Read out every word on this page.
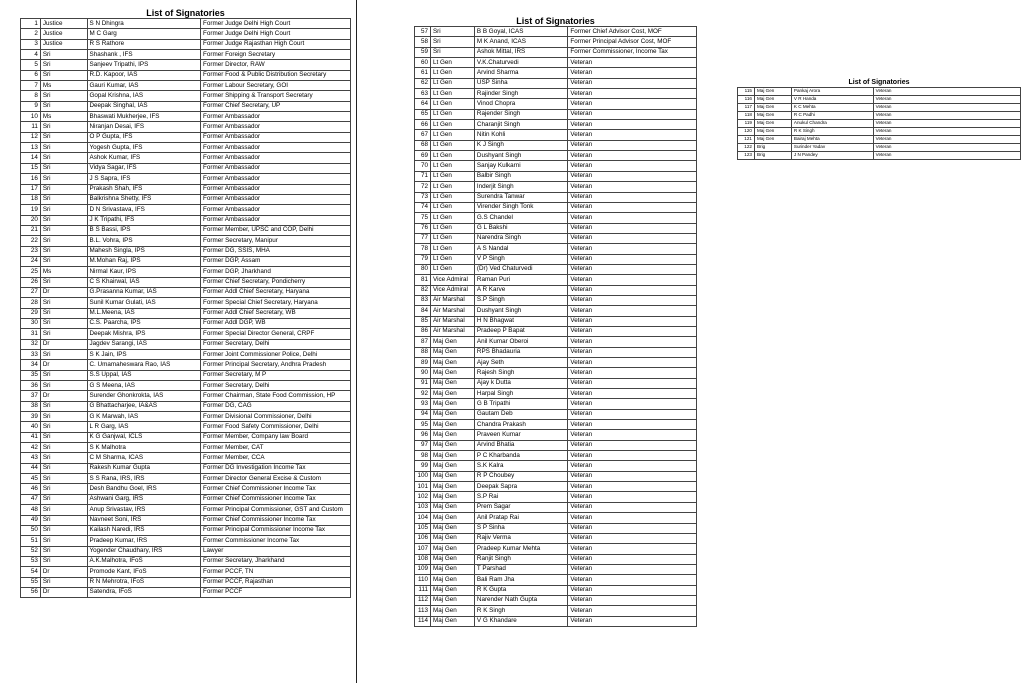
List of Signatories
1	Justice	S N Dhingra	Former Judge Delhi High Court
2	Justice	M C Garg	Former Judge Delhi High Court
3	Justice	R S Rathore	Former Judge Rajasthan High Court
4	Sri	Shashank , IFS	Former Foreign Secretary
5	Sri	Sanjeev Tripathi, IPS	Former Director, RAW
6	Sri	R.D. Kapoor, IAS	Former Food & Public Distribution Secretary
7	Ms	Gauri Kumar, IAS	Former Labour Secretary, GOI
8	Sri	Gopal Krishna, IAS	Former Shipping & Transport Secretary
9	Sri	Deepak Singhal, IAS	Former Chief Secretary, UP
10	Ms	Bhaswati Mukherjee, IFS	Former Ambassador
11	Sri	Niranjan Desai, IFS	Former Ambassador
12	Sri	O P Gupta, IFS	Former Ambassador
13	Sri	Yogesh Gupta, IFS	Former Ambassador
14	Sri	Ashok Kumar, IFS	Former Ambassador
15	Sri	Vidya Sagar, IFS	Former Ambassador
16	Sri	J S Sapra, IFS	Former Ambassador
17	Sri	Prakash Shah, IFS	Former Ambassador
18	Sri	Balkrishna Shetty, IFS	Former Ambassador
19	Sri	D N Srivastava, IFS	Former Ambassador
20	Sri	J K Tripathi, IFS	Former Ambassador
21	Sri	B S Bassi, IPS	Former Member, UPSC and COP, Delhi
22	Sri	B.L. Vohra, IPS	Former Secretary, Manipur
23	Sri	Mahesh Singla, IPS	Former DG, SSIS, MHA
24	Sri	M.Mohan Raj, IPS	Former DGP, Assam
25	Ms	Nirmal Kaur, IPS	Former DGP, Jharkhand
26	Sri	C S Khairwal, IAS	Former Chief Secretary, Pondicherry
27	Dr	G.Prasanna Kumar, IAS	Former Addl Chief Secretary, Haryana
28	Sri	Sunil Kumar Gulati, IAS	Former Special Chief Secretary, Haryana
29	Sri	M.L.Meena, IAS	Former Addl Chief Secretary, WB
30	Sri	C.S. Paarcha, IPS	Former Addl DGP, WB
31	Sri	Deepak Mishra, IPS	Former Special Director General, CRPF
32	Dr	Jagdev Sarangi, IAS	Former Secretary, Delhi
33	Sri	S K Jain, IPS	Former Joint Commissioner Police, Delhi
34	Dr	C. Umamaheswara Rao, IAS	Former Principal Secretary, Andhra Pradesh
35	Sri	S.S Uppal, IAS	Former Secretary, M P
36	Sri	G S Meena, IAS	Former Secretary, Delhi
37	Dr	Surender Ghonkrokta, IAS	Former Chairman, State Food Commission, HP
38	Sri	G Bhattacharjee, IA&AS	Former DG, CAG
39	Sri	G K Marwah, IAS	Former Divisional Commissioner, Delhi
40	Sri	L R Garg, IAS	Former Food Safety Commissioner, Delhi
41	Sri	K G Ganjwal, ICLS	Former Member, Company law Board
42	Sri	S K Malhotra	Former Member, CAT
43	Sri	C M Sharma, ICAS	Former Member, CCA
44	Sri	Rakesh Kumar Gupta	Former DG Investigation Income Tax
45	Sri	S S Rana, IRS, IRS	Former Director General Excise & Custom
46	Sri	Desh Bandhu Goel, IRS	Former Chief Commissioner Income Tax
47	Sri	Ashwani Garg, IRS	Former Chief Commissioner Income Tax
48	Sri	Anup Srivastav, IRS	Former Principal Commissioner, GST and Custom
49	Sri	Navneet Soni, IRS	Former Chief Commissioner Income Tax
50	Sri	Kailash Naredi, IRS	Former Principal Commissioner Income Tax
51	Sri	Pradeep Kumar, IRS	Former Commissioner Income Tax
52	Sri	Yogender Chaudhary, IRS	Lawyer
53	Sri	A.K.Malhotra, IFoS	Former Secretary, Jharkhand
54	Dr	Promode Kant, IFoS	Former PCCF, TN
55	Sri	R N Mehrotra, IFoS	Former PCCF, Rajasthan
56	Dr	Satendra, IFoS	Former PCCF
List of Signatories
57	Sri	B B Goyal, ICAS	Former Chief Advisor Cost, MOF
58	Sri	M K Anand, ICAS	Former Principal Advisor Cost, MOF
59	Sri	Ashok Mittal, IRS	Former Commissioner, Income Tax
60	Lt Gen	V.K.Chaturvedi	Veteran
61	Lt Gen	Arvind Sharma	Veteran
62	Lt Gen	USP Sinha	Veteran
63	Lt Gen	Rajinder Singh	Veteran
64	Lt Gen	Vinod Chopra	Veteran
65	Lt Gen	Rajender Singh	Veteran
66	Lt Gen	Charanjit Singh	Veteran
67	Lt Gen	Nitin Kohli	Veteran
68	Lt Gen	K J Singh	Veteran
69	Lt Gen	Dushyant Singh	Veteran
70	Lt Gen	Sanjay Kulkarni	Veteran
71	Lt Gen	Balbir Singh	Veteran
72	Lt Gen	Inderjit Singh	Veteran
73	Lt Gen	Surendra Tanwar	Veteran
74	Lt Gen	Virender Singh Tonk	Veteran
75	Lt Gen	G.S Chandel	Veteran
76	Lt Gen	G L Bakshi	Veteran
77	Lt Gen	Narendra Singh	Veteran
78	Lt Gen	A S Nandal	Veteran
79	Lt Gen	V P Singh	Veteran
80	Lt Gen	(Dr) Ved Chaturvedi	Veteran
81	Vice Admiral	Raman Puri	Veteran
82	Vice Admiral	A R Karve	Veteran
83	Air Marshal	S.P Singh	Veteran
84	Air Marshal	Dushyant Singh	Veteran
85	Air Marshal	H N Bhagwat	Veteran
86	Air Marshal	Pradeep P Bapat	Veteran
87	Maj Gen	Anil Kumar Oberoi	Veteran
88	Maj Gen	RPS Bhadauria	Veteran
89	Maj Gen	Ajay Seth	Veteran
90	Maj Gen	Rajesh Singh	Veteran
91	Maj Gen	Ajay k Dutta	Veteran
92	Maj Gen	Harpal Singh	Veteran
93	Maj Gen	G B Tripathi	Veteran
94	Maj Gen	Gautam Deb	Veteran
95	Maj Gen	Chandra Prakash	Veteran
96	Maj Gen	Praveen Kumar	Veteran
97	Maj Gen	Arvind Bhatia	Veteran
98	Maj Gen	P C Kharbanda	Veteran
99	Maj Gen	S.K Kalra	Veteran
100	Maj Gen	R P Choubey	Veteran
101	Maj Gen	Deepak Sapra	Veteran
102	Maj Gen	S.P Rai	Veteran
103	Maj Gen	Prem Sagar	Veteran
104	Maj Gen	Anil Pratap Rai	Veteran
105	Maj Gen	S P Sinha	Veteran
106	Maj Gen	Rajiv Verma	Veteran
107	Maj Gen	Pradeep Kumar Mehta	Veteran
108	Maj Gen	Ranjit Singh	Veteran
109	Maj Gen	T Parshad	Veteran
110	Maj Gen	Bali Ram Jha	Veteran
111	Maj Gen	R K Gupta	Veteran
112	Maj Gen	Narender Nath Gupta	Veteran
113	Maj Gen	R K Singh	Veteran
114	Maj Gen	V G Khandare	Veteran
List of Signatories
115	Maj Gen	Pankaj Arora	Veteran
116	Maj Gen	V R Handa	Veteran
117	Maj Gen	K C Mehta	Veteran
118	Maj Gen	R C Padhi	Veteran
119	Maj Gen	Anukul Chandra	Veteran
120	Maj Gen	R K Singh	Veteran
121	Maj Gen	Bairaj Mehta	Veteran
122	Brig	Surinder Yadav	Veteran
123	Brig	J N Pandey	Veteran
